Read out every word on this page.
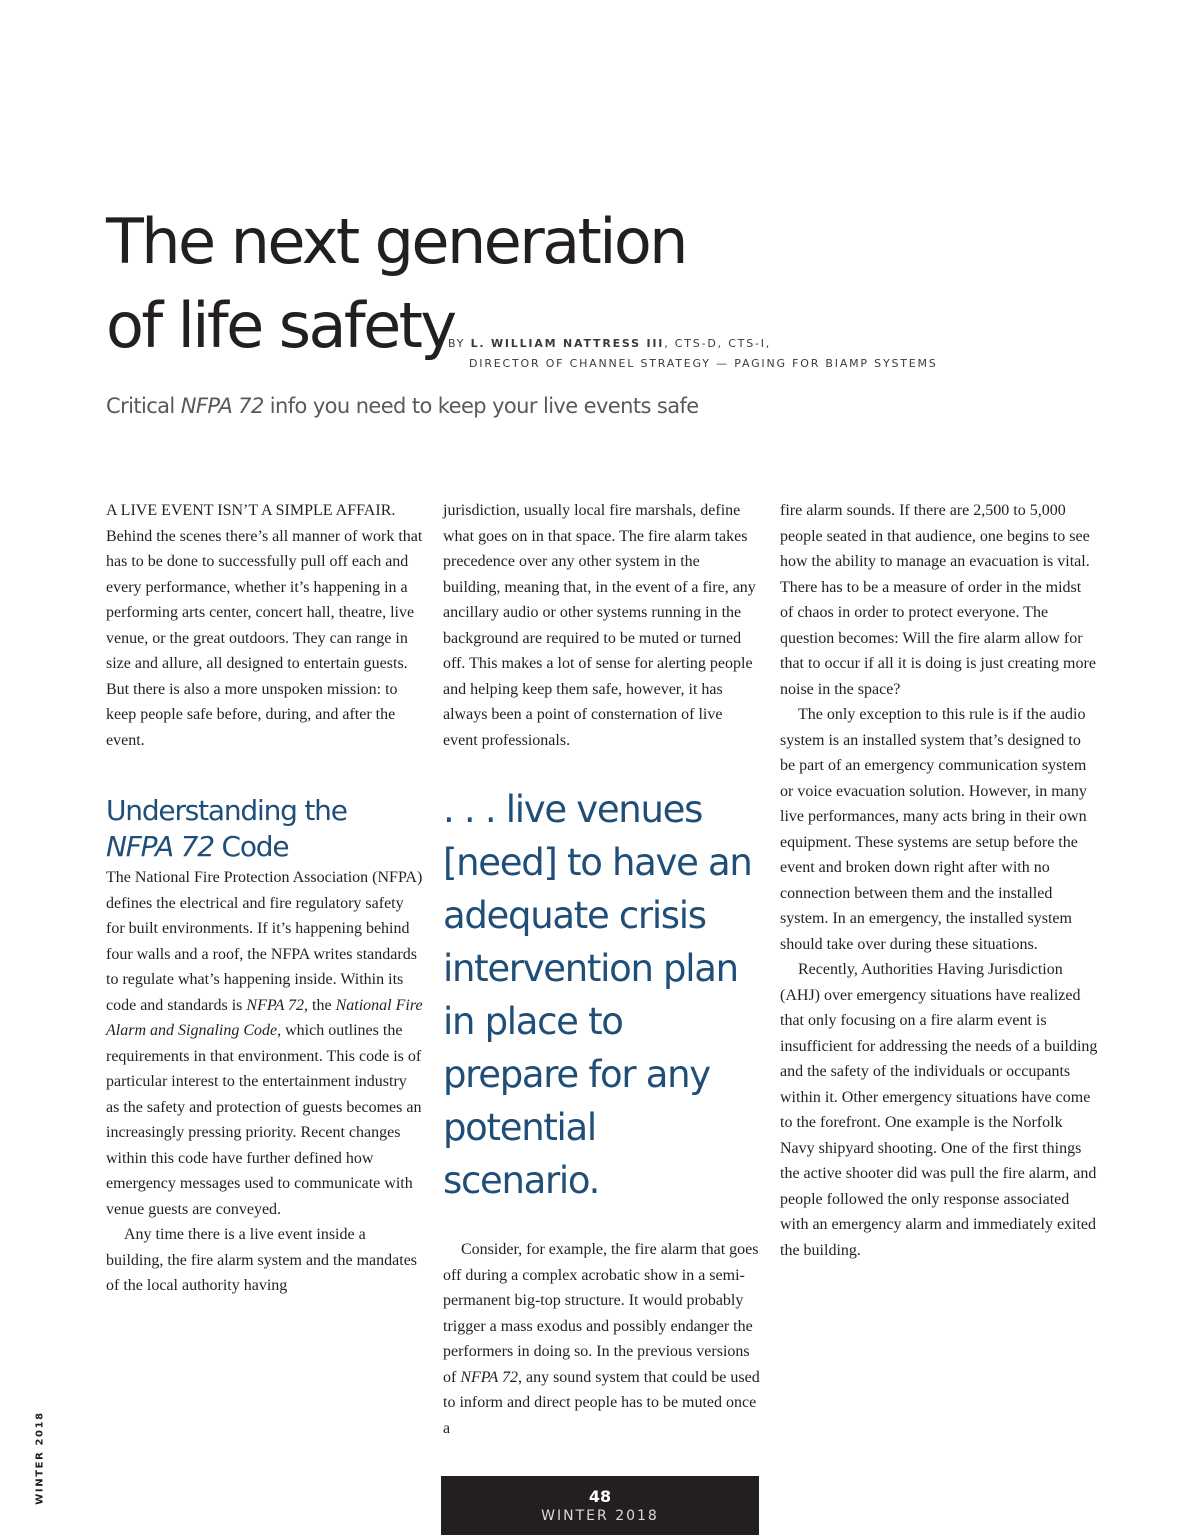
The next generation
of life safety
BY L. WILLIAM NATTRESS III, CTS-D, CTS-I,
DIRECTOR OF CHANNEL STRATEGY — PAGING FOR BIAMP SYSTEMS
Critical NFPA 72 info you need to keep your live events safe

A LIVE EVENT ISN’T A SIMPLE AFFAIR. Behind the scenes there’s all manner of work that has to be done to successfully pull off each and every performance, whether it’s happening in a performing arts center, concert hall, theatre, live venue, or the great outdoors. They can range in size and allure, all designed to entertain guests. But there is also a more unspoken mission: to keep people safe before, during, and after the event.

Understanding the
NFPA 72 Code

The National Fire Protection Association (NFPA) defines the electrical and fire regulatory safety for built environments. If it’s happening behind four walls and a roof, the NFPA writes standards to regulate what’s happening inside. Within its code and standards is NFPA 72, the National Fire Alarm and Signaling Code, which outlines the requirements in that environment. This code is of particular interest to the entertainment industry as the safety and protection of guests becomes an increasingly pressing priority. Recent changes within this code have further defined how emergency messages used to communicate with venue guests are conveyed.

Any time there is a live event inside a building, the fire alarm system and the mandates of the local authority having

jurisdiction, usually local fire marshals, define what goes on in that space. The fire alarm takes precedence over any other system in the building, meaning that, in the event of a fire, any ancillary audio or other systems running in the background are required to be muted or turned off. This makes a lot of sense for alerting people and helping keep them safe, however, it has always been a point of consternation of live event professionals.

. . . live venues [need] to have an adequate crisis intervention plan in place to prepare for any potential scenario.

Consider, for example, the fire alarm that goes off during a complex acrobatic show in a semi-permanent big-top structure. It would probably trigger a mass exodus and possibly endanger the performers in doing so. In the previous versions of NFPA 72, any sound system that could be used to inform and direct people has to be muted once a

fire alarm sounds. If there are 2,500 to 5,000 people seated in that audience, one begins to see how the ability to manage an evacuation is vital. There has to be a measure of order in the midst of chaos in order to protect everyone. The question becomes: Will the fire alarm allow for that to occur if all it is doing is just creating more noise in the space?

The only exception to this rule is if the audio system is an installed system that’s designed to be part of an emergency communication system or voice evacuation solution. However, in many live performances, many acts bring in their own equipment. These systems are setup before the event and broken down right after with no connection between them and the installed system. In an emergency, the installed system should take over during these situations.

Recently, Authorities Having Jurisdiction (AHJ) over emergency situations have realized that only focusing on a fire alarm event is insufficient for addressing the needs of a building and the safety of the individuals or occupants within it. Other emergency situations have come to the forefront. One example is the Norfolk Navy shipyard shooting. One of the first things the active shooter did was pull the fire alarm, and people followed the only response associated with an emergency alarm and immediately exited the building.

WINTER 2018	48
WINTER 2018
